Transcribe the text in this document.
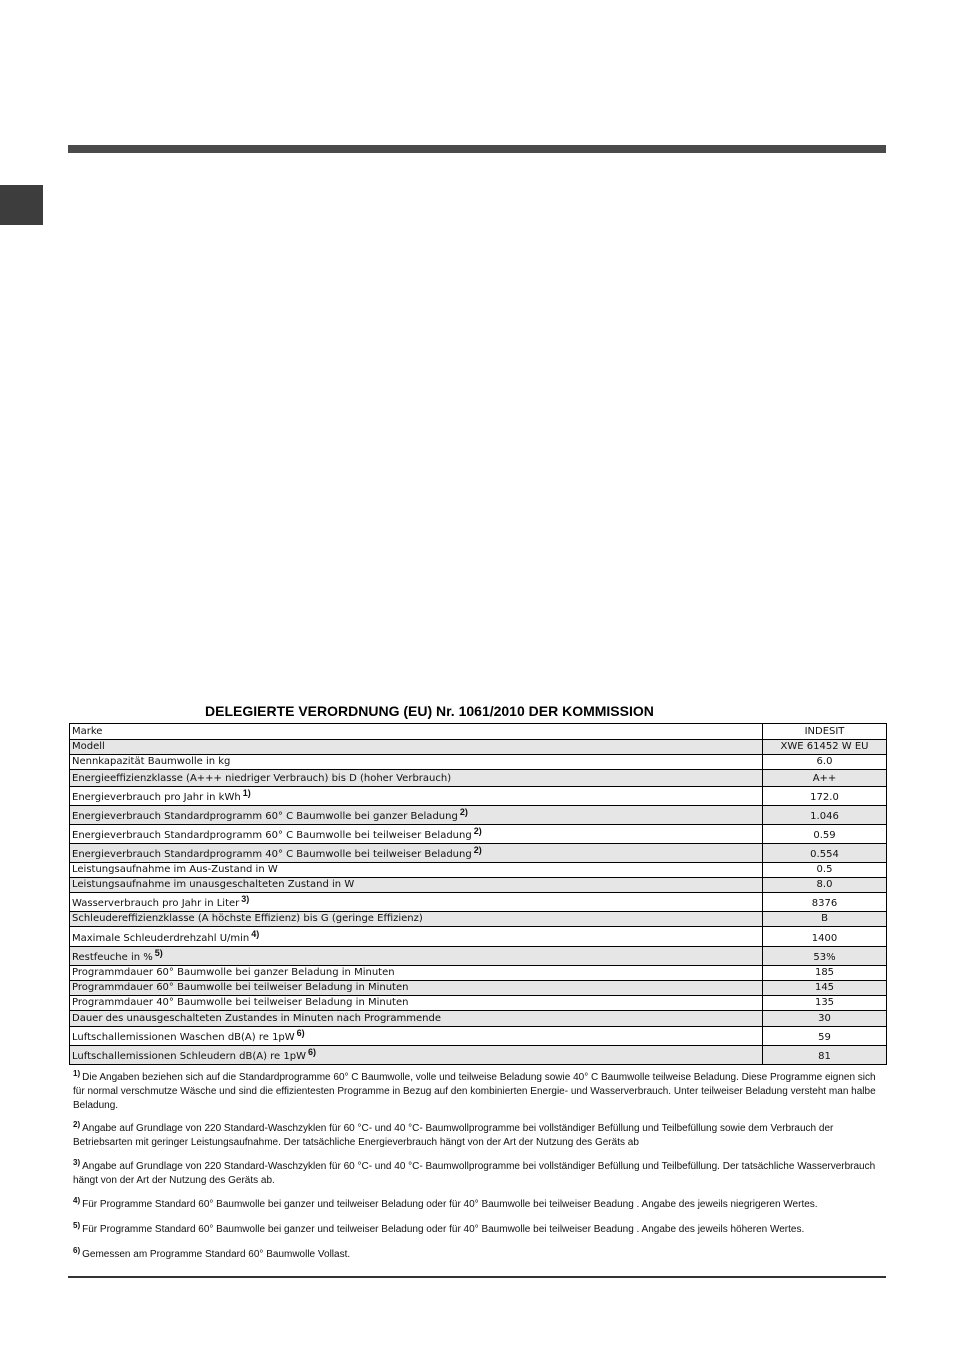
DELEGIERTE VERORDNUNG (EU) Nr. 1061/2010 DER KOMMISSION
Marke	INDESIT
Modell	XWE 61452 W EU
Nennkapazität Baumwolle in kg	6.0
Energieeffizienzklasse (A+++ niedriger Verbrauch) bis D (hoher Verbrauch)	A++
Energieverbrauch pro Jahr in kWh $^{1)}$	172.0
Energieverbrauch Standardprogramm 60° C Baumwolle bei ganzer Beladung $^{2)}$	1.046
Energieverbrauch Standardprogramm 60° C Baumwolle bei teilweiser Beladung $^{2)}$	0.59
Energieverbrauch Standardprogramm 40° C Baumwolle bei teilweiser Beladung $^{2)}$	0.554
Leistungsaufnahme im Aus-Zustand in W	0.5
Leistungsaufnahme im unausgeschalteten Zustand in W	8.0
Wasserverbrauch pro Jahr in Liter $^{3)}$	8376
Schleudereffizienzklasse (A höchste Effizienz) bis G (geringe Effizienz)	B
Maximale Schleuderdrehzahl U/min $^{4)}$	1400
Restfeuche in % $^{5)}$	53%
Programmdauer 60° Baumwolle bei ganzer Beladung in Minuten	185
Programmdauer 60° Baumwolle bei teilweiser Beladung in Minuten	145
Programmdauer 40° Baumwolle bei teilweiser Beladung in Minuten	135
Dauer des unausgeschalteten Zustandes in Minuten nach Programmende	30
Luftschallemissionen Waschen dB(A) re 1pW $^{6)}$	59
Luftschallemissionen Schleudern dB(A) re 1pW $^{6)}$	81
$^{1)}$ Die Angaben beziehen sich auf die Standardprogramme 60° C Baumwolle, volle und teilweise Beladung sowie 40° C Baumwolle teilweise Beladung. Diese Programme eignen sich für normal verschmutze Wäsche und sind die effizientesten Programme in Bezug auf den kombinierten Energie- und Wasserverbrauch. Unter teilweiser Beladung versteht man halbe Beladung.
$^{2)}$ Angabe auf Grundlage von 220 Standard-Waschzyklen für 60 °C- und 40 °C- Baumwollprogramme bei vollständiger Befüllung und Teilbefüllung sowie dem Verbrauch der Betriebsarten mit geringer Leistungsaufnahme. Der tatsächliche Energieverbrauch hängt von der Art der Nutzung des Geräts ab
$^{3)}$ Angabe auf Grundlage von 220 Standard-Waschzyklen für 60 °C- und 40 °C- Baumwollprogramme bei vollständiger Befüllung und Teilbefüllung. Der tatsächliche Wasserverbrauch hängt von der Art der Nutzung des Geräts ab.
$^{4)}$ Für Programme Standard 60° Baumwolle bei ganzer und teilweiser Beladung oder für 40° Baumwolle bei teilweiser Beadung . Angabe des jeweils niegrigeren Wertes.
$^{5)}$ Für Programme Standard 60° Baumwolle bei ganzer und teilweiser Beladung oder für 40° Baumwolle bei teilweiser Beadung . Angabe des jeweils höheren Wertes.
$^{6)}$ Gemessen am Programme Standard 60° Baumwolle Vollast.
